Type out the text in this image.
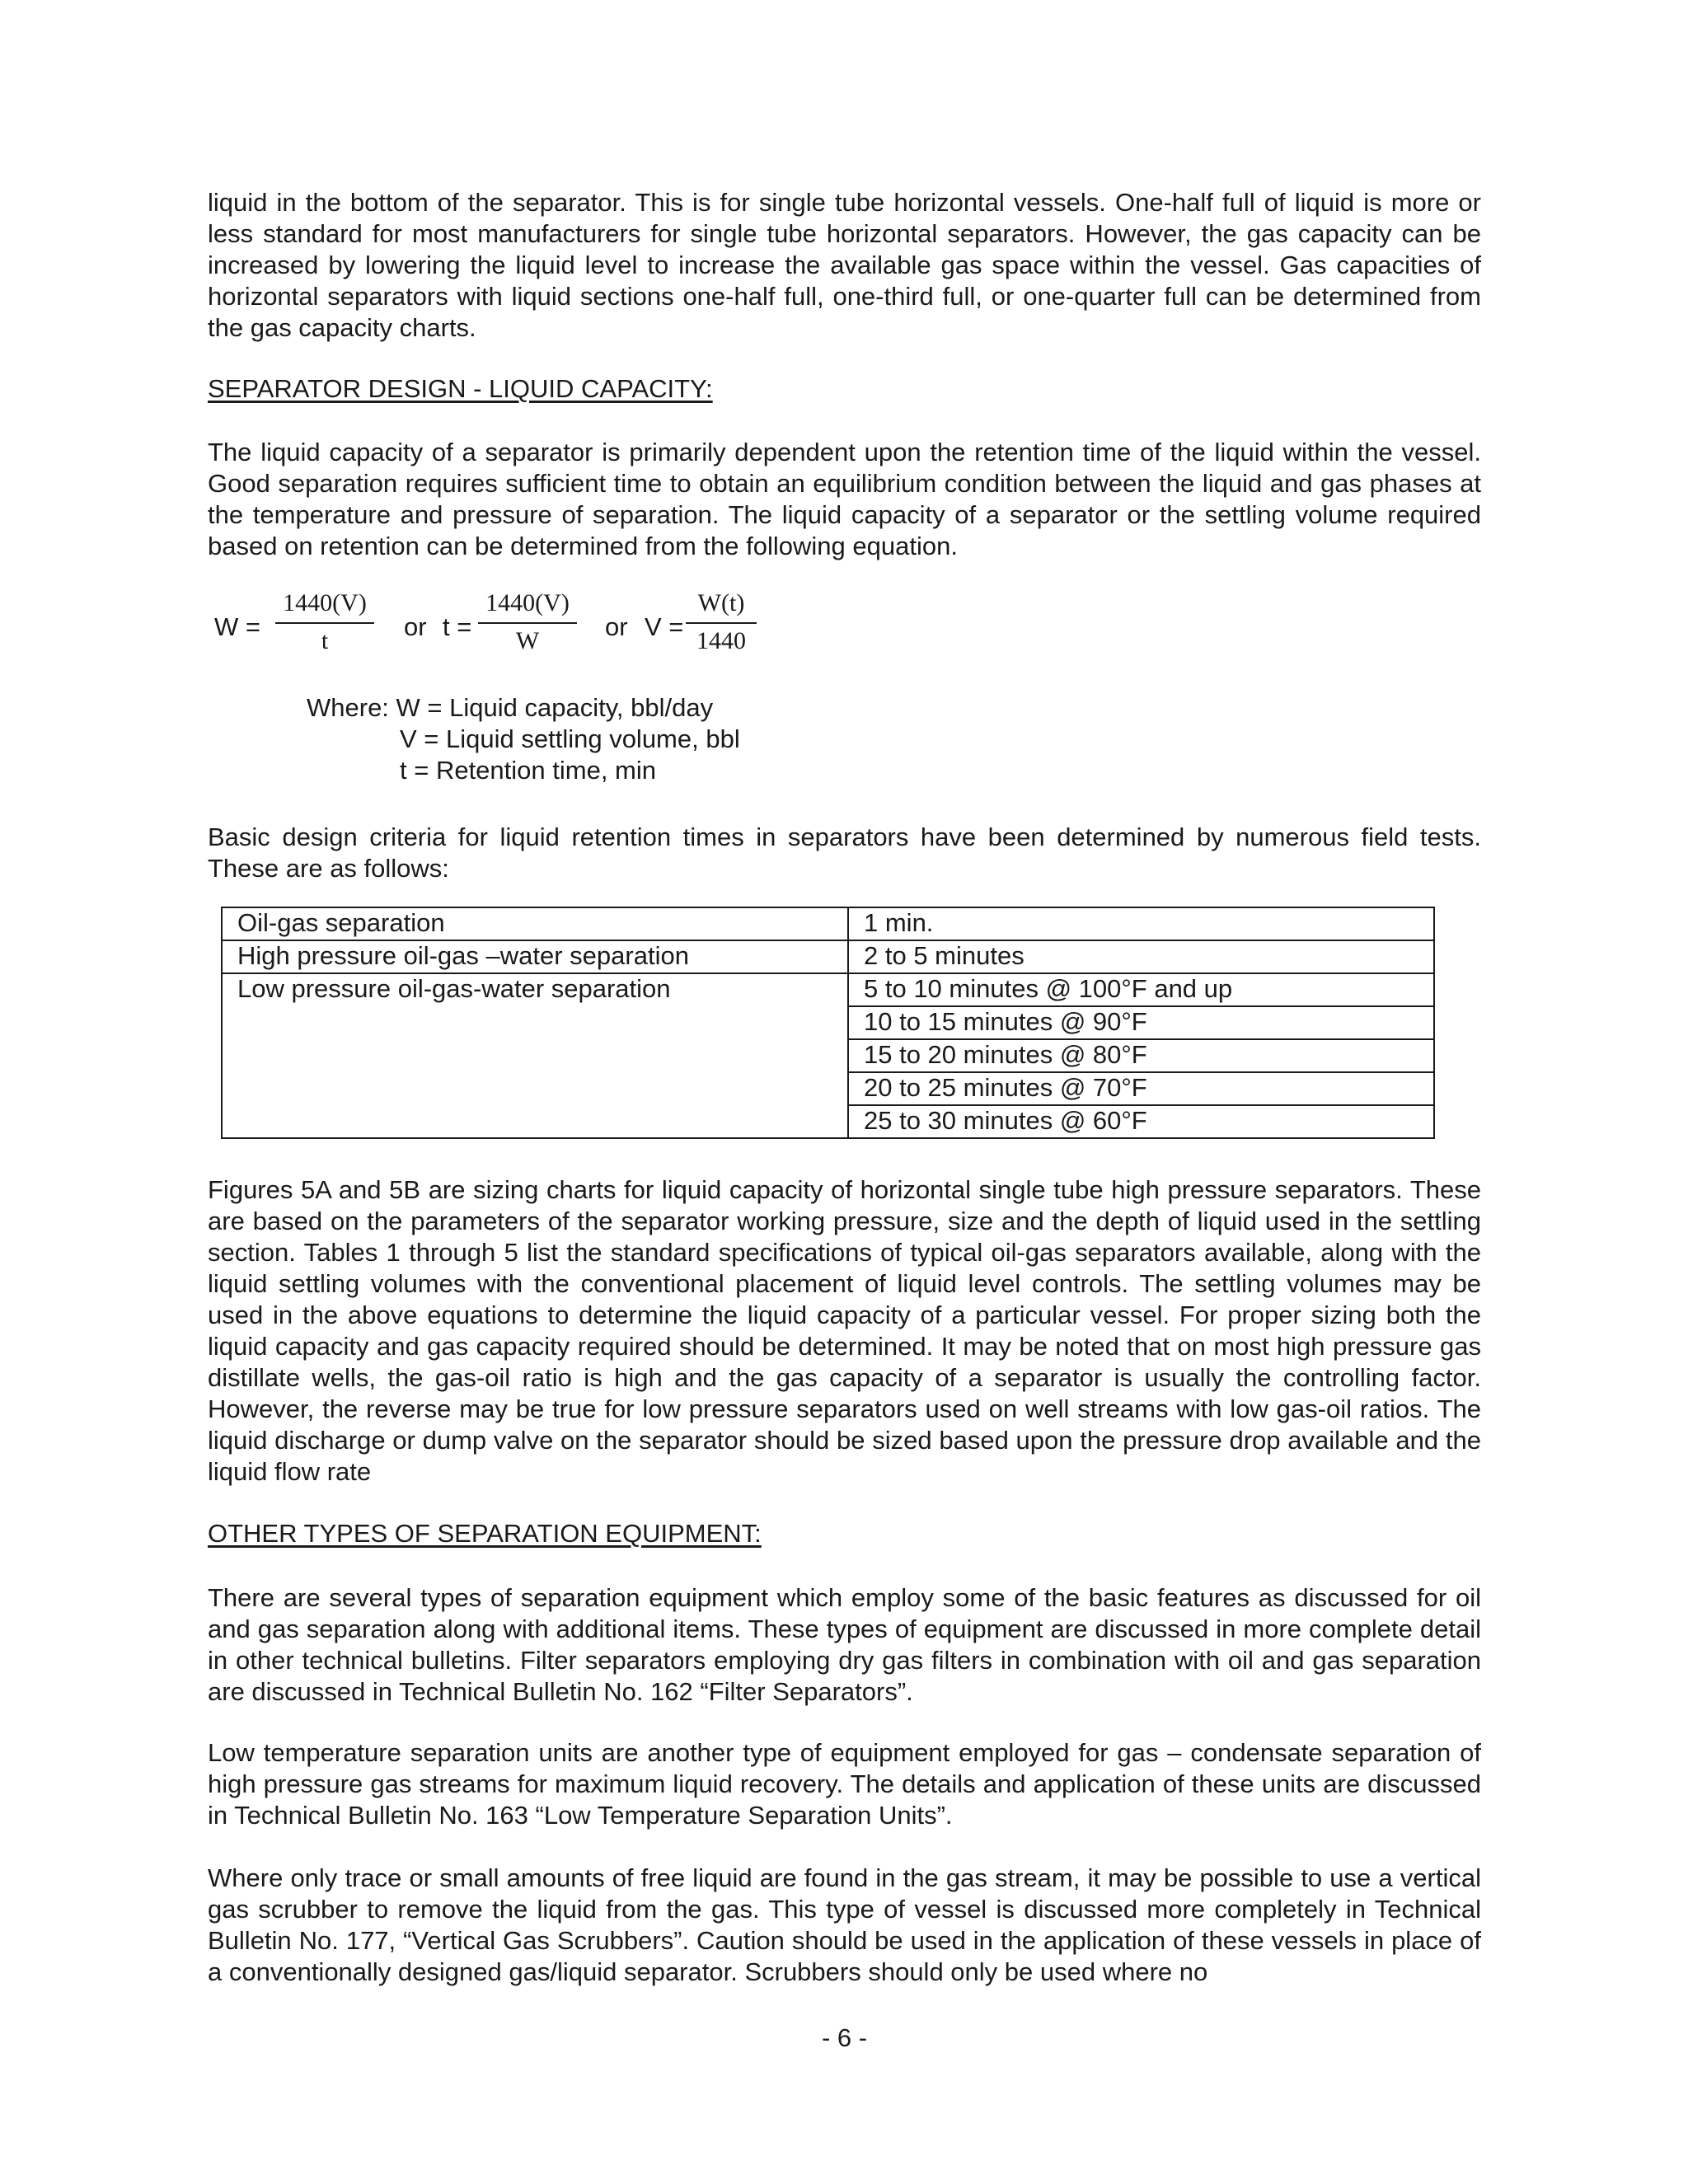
liquid in the bottom of the separator. This is for single tube horizontal vessels. One-half full of liquid is more or less standard for most manufacturers for single tube horizontal separators. However, the gas capacity can be increased by lowering the liquid level to increase the available gas space within the vessel. Gas capacities of horizontal separators with liquid sections one-half full, one-third full, or one-quarter full can be determined from the gas capacity charts.

SEPARATOR DESIGN - LIQUID CAPACITY:

The liquid capacity of a separator is primarily dependent upon the retention time of the liquid within the vessel. Good separation requires sufficient time to obtain an equilibrium condition between the liquid and gas phases at the temperature and pressure of separation. The liquid capacity of a separator or the settling volume required based on retention can be determined from the following equation.

W =
1440(V)
t	or t =
1440(V)
W	or V =
W(t)
1440
Where: W = Liquid capacity, bbl/day
V = Liquid settling volume, bbl
t = Retention time, min

Basic design criteria for liquid retention times in separators have been determined by numerous field tests. These are as follows:

Oil-gas separation	1 min.
High pressure oil-gas –water separation	2 to 5 minutes
Low pressure oil-gas-water separation	5 to 10 minutes @ 100°F and up
	10 to 15 minutes @ 90°F
	15 to 20 minutes @ 80°F
	20 to 25 minutes @ 70°F
	25 to 30 minutes @ 60°F

Figures 5A and 5B are sizing charts for liquid capacity of horizontal single tube high pressure separators. These are based on the parameters of the separator working pressure, size and the depth of liquid used in the settling section. Tables 1 through 5 list the standard specifications of typical oil-gas separators available, along with the liquid settling volumes with the conventional placement of liquid level controls. The settling volumes may be used in the above equations to determine the liquid capacity of a particular vessel. For proper sizing both the liquid capacity and gas capacity required should be determined. It may be noted that on most high pressure gas distillate wells, the gas-oil ratio is high and the gas capacity of a separator is usually the controlling factor. However, the reverse may be true for low pressure separators used on well streams with low gas-oil ratios. The liquid discharge or dump valve on the separator should be sized based upon the pressure drop available and the liquid flow rate

OTHER TYPES OF SEPARATION EQUIPMENT:

There are several types of separation equipment which employ some of the basic features as discussed for oil and gas separation along with additional items. These types of equipment are discussed in more complete detail in other technical bulletins. Filter separators employing dry gas filters in combination with oil and gas separation are discussed in Technical Bulletin No. 162 “Filter Separators”.

Low temperature separation units are another type of equipment employed for gas – condensate separation of high pressure gas streams for maximum liquid recovery. The details and application of these units are discussed in Technical Bulletin No. 163 “Low Temperature Separation Units”.

Where only trace or small amounts of free liquid are found in the gas stream, it may be possible to use a vertical gas scrubber to remove the liquid from the gas. This type of vessel is discussed more completely in Technical Bulletin No. 177, “Vertical Gas Scrubbers”. Caution should be used in the application of these vessels in place of a conventionally designed gas/liquid separator. Scrubbers should only be used where no

- 6 -
